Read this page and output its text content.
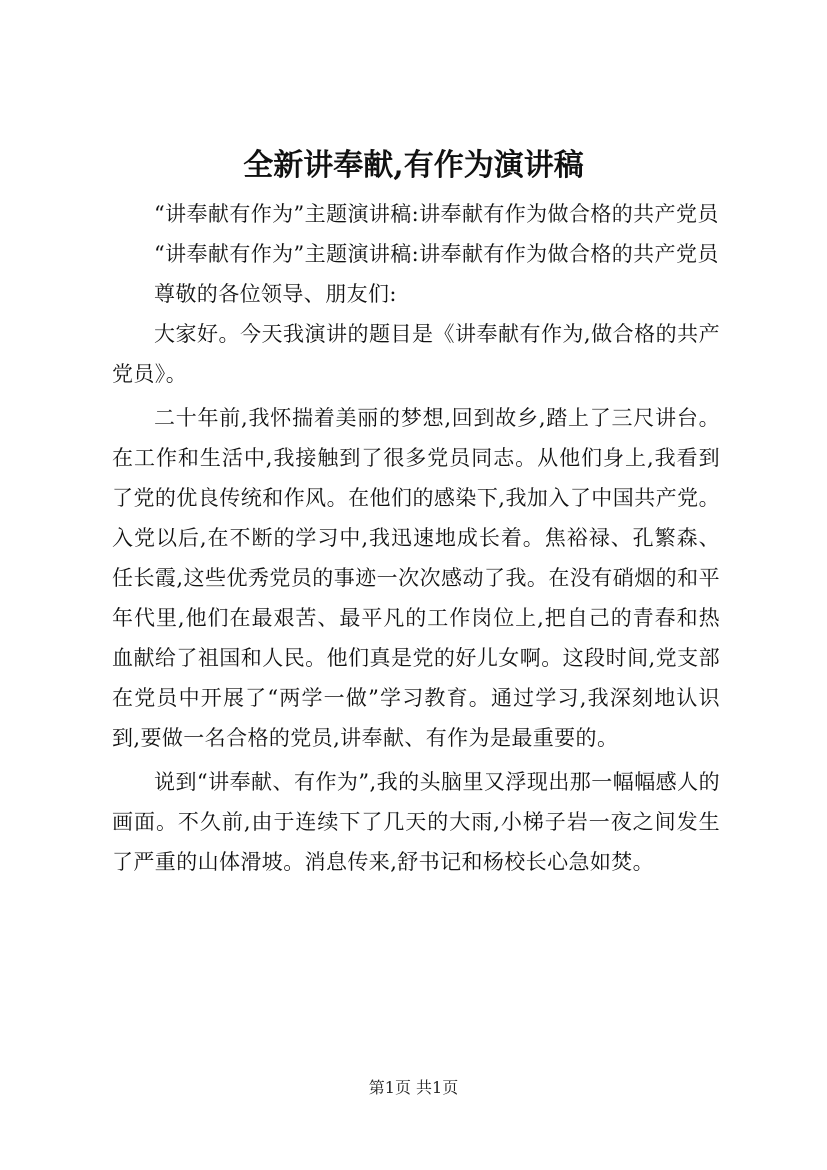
全新讲奉献,有作为演讲稿

“讲奉献有作为”主题演讲稿:讲奉献有作为做合格的共产党员

“讲奉献有作为”主题演讲稿:讲奉献有作为做合格的共产党员

尊敬的各位领导、朋友们:

大家好。今天我演讲的题目是《讲奉献有作为,做合格的共产党员》。

二十年前,我怀揣着美丽的梦想,回到故乡,踏上了三尺讲台。在工作和生活中,我接触到了很多党员同志。从他们身上,我看到了党的优良传统和作风。在他们的感染下,我加入了中国共产党。入党以后,在不断的学习中,我迅速地成长着。焦裕禄、孔繁森、任长霞,这些优秀党员的事迹一次次感动了我。在没有硝烟的和平年代里,他们在最艰苦、最平凡的工作岗位上,把自己的青春和热血献给了祖国和人民。他们真是党的好儿女啊。这段时间,党支部在党员中开展了“两学一做”学习教育。通过学习,我深刻地认识到,要做一名合格的党员,讲奉献、有作为是最重要的。

说到“讲奉献、有作为”,我的头脑里又浮现出那一幅幅感人的画面。不久前,由于连续下了几天的大雨,小梯子岩一夜之间发生了严重的山体滑坡。消息传来,舒书记和杨校长心急如焚。

第1页 共1页
